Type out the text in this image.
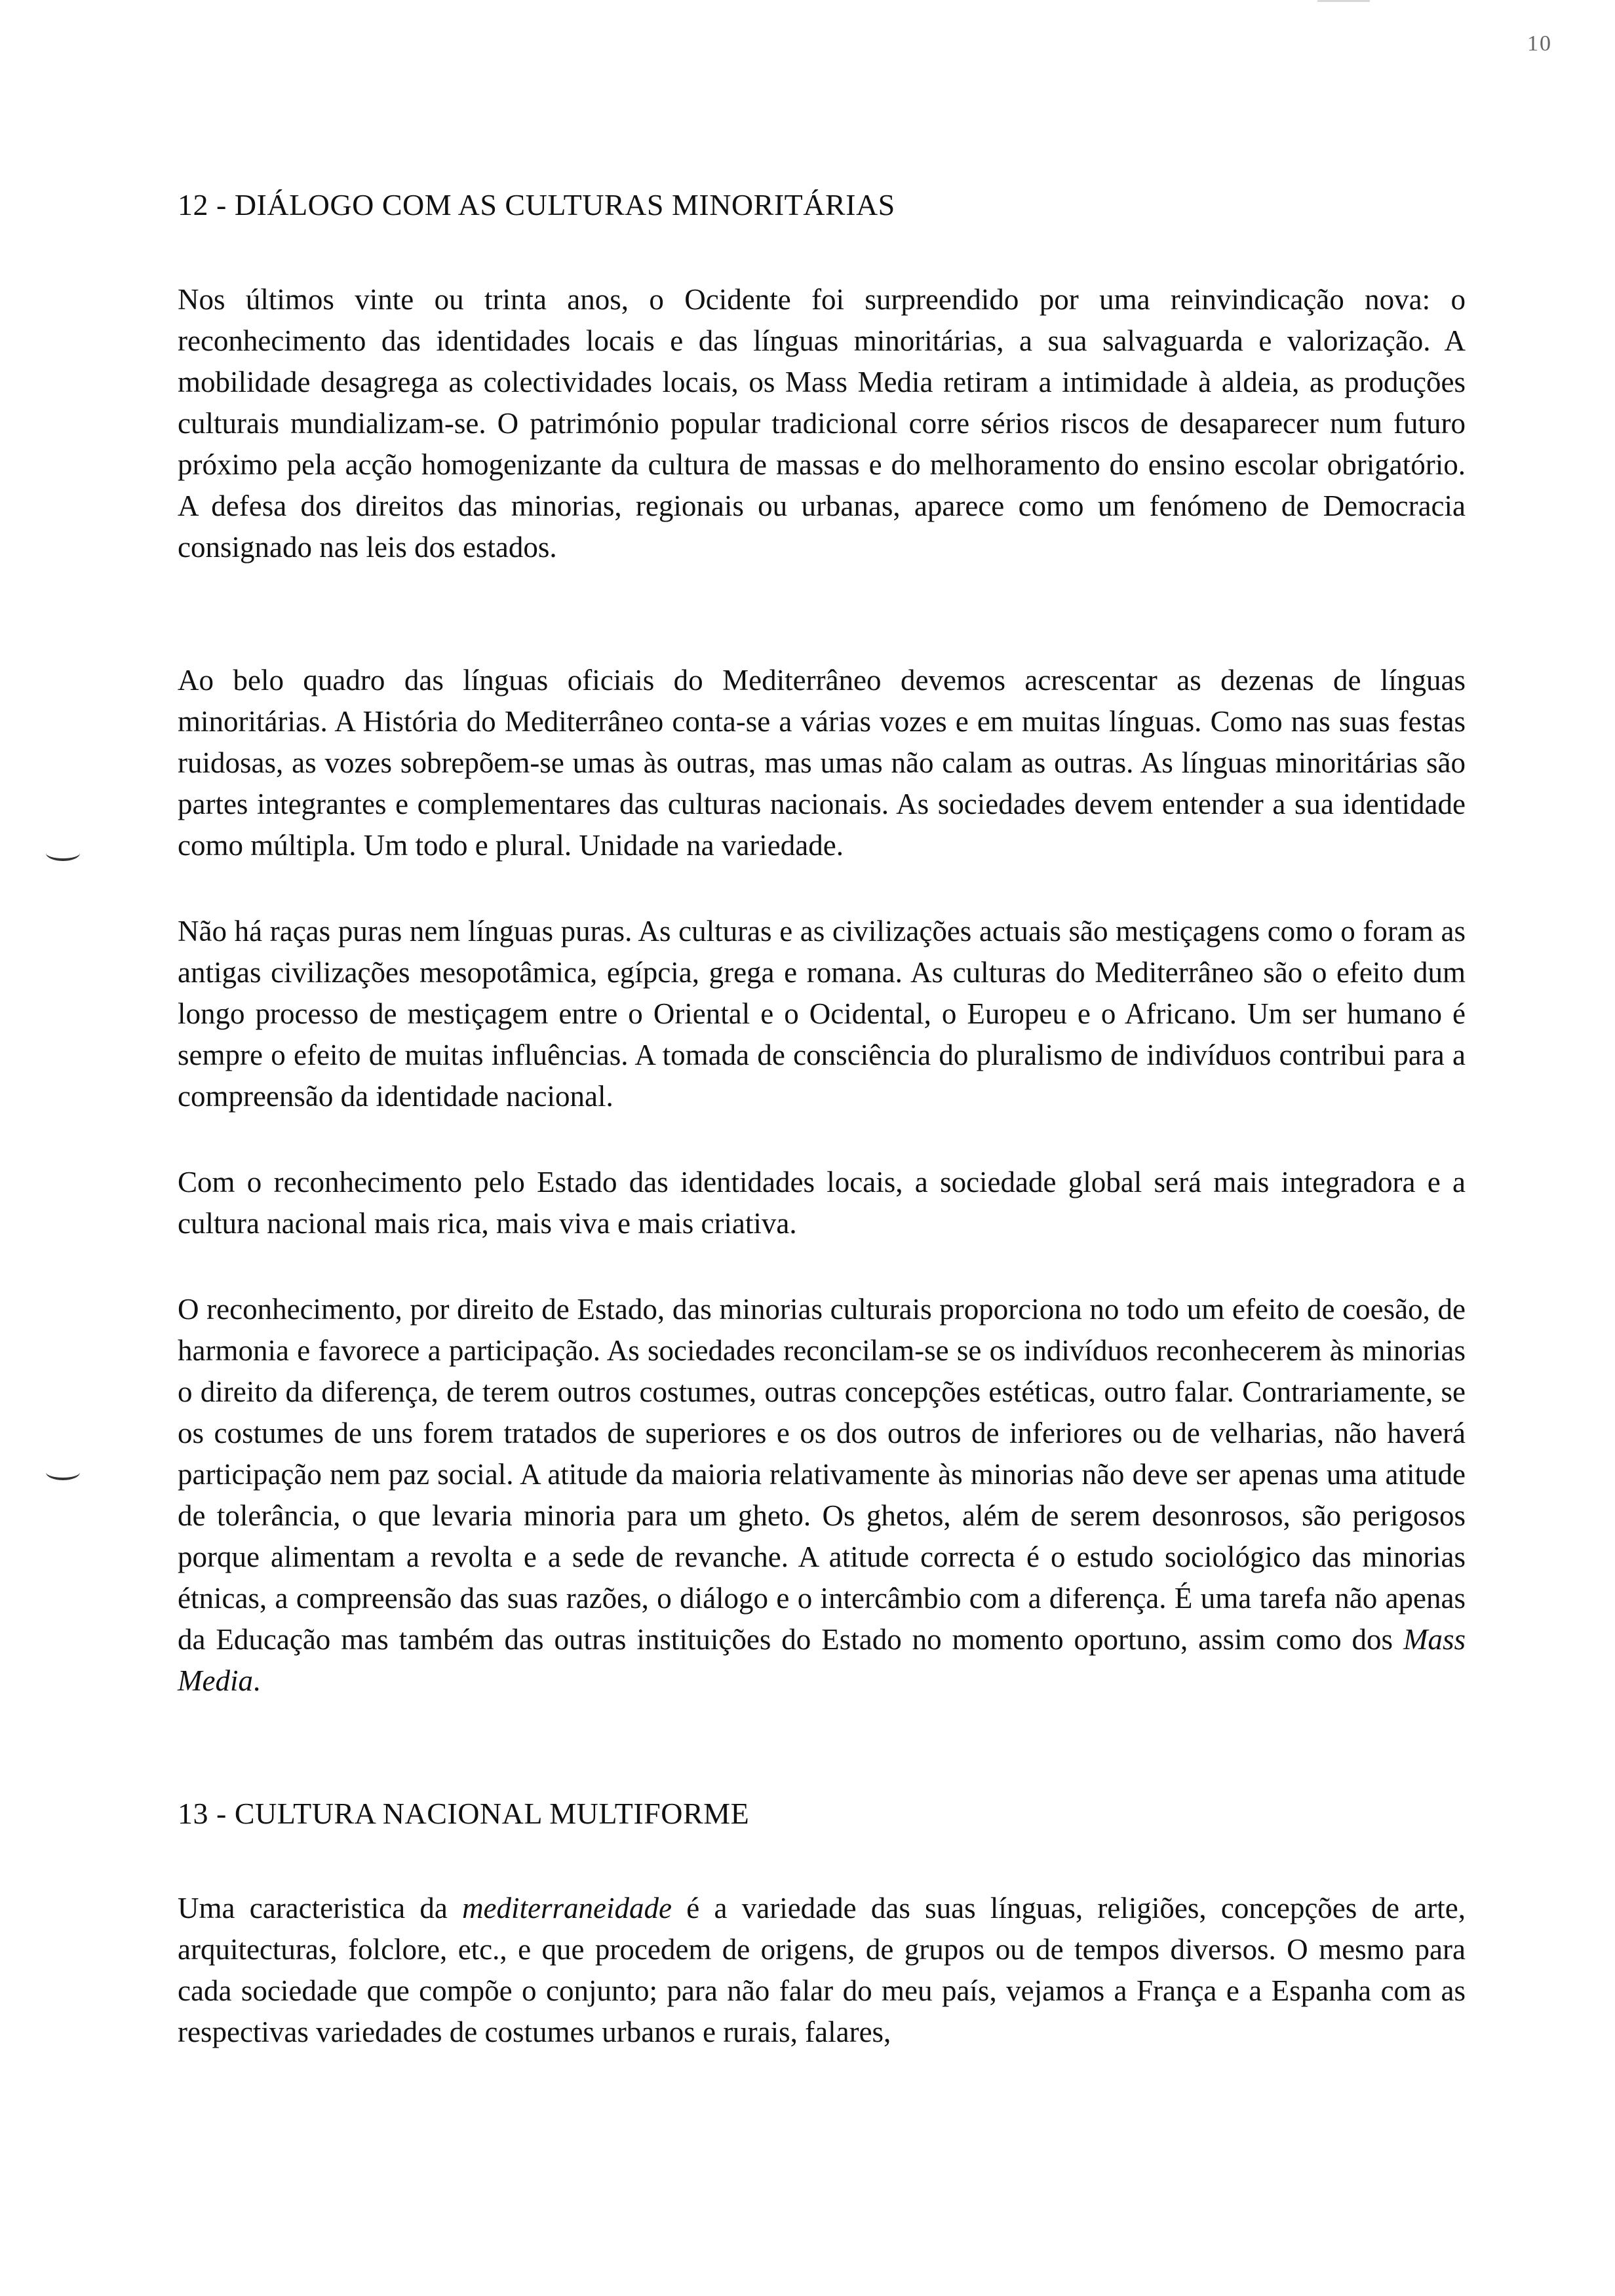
10
12 - DIÁLOGO COM AS CULTURAS MINORITÁRIAS

Nos últimos vinte ou trinta anos, o Ocidente foi surpreendido por uma reinvindicação nova: o reconhecimento das identidades locais e das línguas minoritárias, a sua salvaguarda e valorização. A mobilidade desagrega as colectividades locais, os Mass Media retiram a intimidade à aldeia, as produções culturais mundializam-se. O património popular tradicional corre sérios riscos de desaparecer num futuro próximo pela acção homogenizante da cultura de massas e do melhoramento do ensino escolar obrigatório. A defesa dos direitos das minorias, regionais ou urbanas, aparece como um fenómeno de Democracia consignado nas leis dos estados.

Ao belo quadro das línguas oficiais do Mediterrâneo devemos acrescentar as dezenas de línguas minoritárias. A História do Mediterrâneo conta-se a várias vozes e em muitas línguas. Como nas suas festas ruidosas, as vozes sobrepõem-se umas às outras, mas umas não calam as outras. As línguas minoritárias são partes integrantes e complementares das culturas nacionais. As sociedades devem entender a sua identidade como múltipla. Um todo e plural. Unidade na variedade.

Não há raças puras nem línguas puras. As culturas e as civilizações actuais são mestiçagens como o foram as antigas civilizações mesopotâmica, egípcia, grega e romana. As culturas do Mediterrâneo são o efeito dum longo processo de mestiçagem entre o Oriental e o Ocidental, o Europeu e o Africano. Um ser humano é sempre o efeito de muitas influências. A tomada de consciência do pluralismo de indivíduos contribui para a compreensão da identidade nacional.

Com o reconhecimento pelo Estado das identidades locais, a sociedade global será mais integradora e a cultura nacional mais rica, mais viva e mais criativa.

O reconhecimento, por direito de Estado, das minorias culturais proporciona no todo um efeito de coesão, de harmonia e favorece a participação. As sociedades reconcilam-se se os indivíduos reconhecerem às minorias o direito da diferença, de terem outros costumes, outras concepções estéticas, outro falar. Contrariamente, se os costumes de uns forem tratados de superiores e os dos outros de inferiores ou de velharias, não haverá participação nem paz social. A atitude da maioria relativamente às minorias não deve ser apenas uma atitude de tolerância, o que levaria minoria para um gheto. Os ghetos, além de serem desonrosos, são perigosos porque alimentam a revolta e a sede de revanche. A atitude correcta é o estudo sociológico das minorias étnicas, a compreensão das suas razões, o diálogo e o intercâmbio com a diferença. É uma tarefa não apenas da Educação mas também das outras instituições do Estado no momento oportuno, assim como dos Mass Media.

13 - CULTURA NACIONAL MULTIFORME

Uma caracteristica da mediterraneidade é a variedade das suas línguas, religiões, concepções de arte, arquitecturas, folclore, etc., e que procedem de origens, de grupos ou de tempos diversos. O mesmo para cada sociedade que compõe o conjunto; para não falar do meu país, vejamos a França e a Espanha com as respectivas variedades de costumes urbanos e rurais, falares,
